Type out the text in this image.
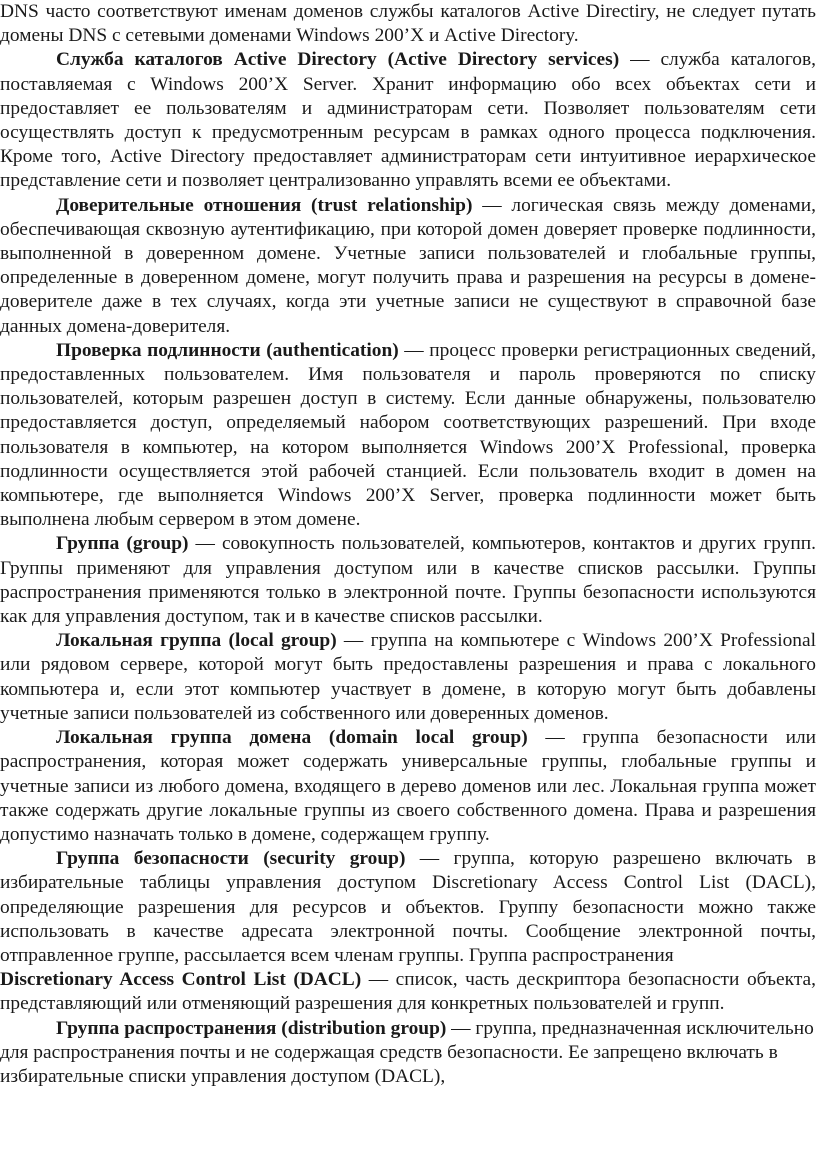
DNS часто соответствуют именам доменов службы каталогов Active Directiry, не следует путать домены DNS с сетевыми доменами Windows 200’X и Active Directory.

Служба каталогов Active Directory (Active Directory services) — служба каталогов, поставляемая с Windows 200’X Server. Хранит информацию обо всех объектах сети и предоставляет ее пользователям и администраторам сети. Позволяет пользователям сети осуществлять доступ к предусмотренным ресурсам в рамках одного процесса подключения. Кроме того, Active Directory предоставляет администраторам сети интуитивное иерархическое представление сети и позволяет централизованно управлять всеми ее объектами.

Доверительные отношения (trust relationship) — логическая связь между доменами, обеспечивающая сквозную аутентификацию, при которой домен доверяет проверке подлинности, выполненной в доверенном домене. Учетные записи пользователей и глобальные группы, определенные в доверенном домене, могут получить права и разрешения на ресурсы в домене-доверителе даже в тех случаях, когда эти учетные записи не существуют в справочной базе данных домена-доверителя.

Проверка подлинности (authentication) — процесс проверки регистрационных сведений, предоставленных пользователем. Имя пользователя и пароль проверяются по списку пользователей, которым разрешен доступ в систему. Если данные обнаружены, пользователю предоставляется доступ, определяемый набором соответствующих разрешений. При входе пользователя в компьютер, на котором выполняется Windows 200’X Professional, проверка подлинности осуществляется этой рабочей станцией. Если пользователь входит в домен на компьютере, где выполняется Windows 200’X Server, проверка подлинности может быть выполнена любым сервером в этом домене.

Группа (group) — совокупность пользователей, компьютеров, контактов и других групп. Группы применяют для управления доступом или в качестве списков рассылки. Группы распространения применяются только в электронной почте. Группы безопасности используются как для управления доступом, так и в качестве списков рассылки.

Локальная группа (local group) — группа на компьютере с Windows 200’X Professional или рядовом сервере, которой могут быть предоставлены разрешения и права с локального компьютера и, если этот компьютер участвует в домене, в которую могут быть добавлены учетные записи пользователей из собственного или доверенных доменов.

Локальная группа домена (domain local group) — группа безопасности или распространения, которая может содержать универсальные группы, глобальные группы и учетные записи из любого домена, входящего в дерево доменов или лес. Локальная группа может также содержать другие локальные группы из своего собственного домена. Права и разрешения допустимо назначать только в домене, содержащем группу.

Группа безопасности (security group) — группа, которую разрешено включать в избирательные таблицы управления доступом Discretionary Access Control List (DACL), определяющие разрешения для ресурсов и объектов. Группу безопасности можно также использовать в качестве адресата электронной почты. Сообщение электронной почты, отправленное группе, рассылается всем членам группы. Группа распространения

Discretionary Access Control List (DACL) — список, часть дескриптора безопасности объекта, представляющий или отменяющий разрешения для конкретных пользователей и групп.

Группа распространения (distribution group) — группа, предназначенная исключительно для распространения почты и не содержащая средств безопасности. Ее запрещено включать в избирательные списки управления доступом (DACL),
